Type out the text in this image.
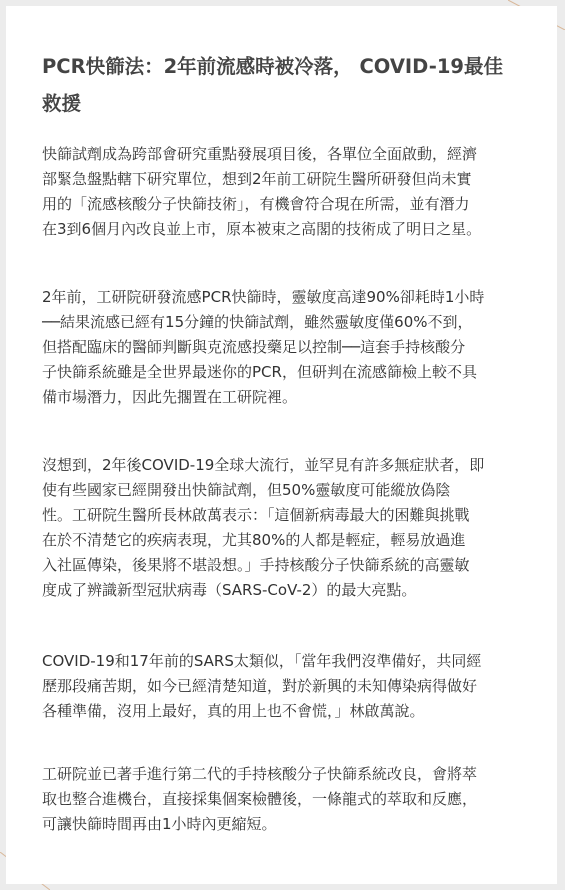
PCR快篩法：2年前流感時被冷落， COVID-19最佳
救援

快篩試劑成為跨部會研究重點發展項目後，各單位全面啟動，經濟
部緊急盤點轄下研究單位，想到2年前工研院生醫所研發但尚未實
用的「流感核酸分子快篩技術」，有機會符合現在所需，並有潛力
在3到6個月內改良並上市，原本被束之高閣的技術成了明日之星。

2年前，工研院研發流感PCR快篩時，靈敏度高達90%卻耗時1小時
──結果流感已經有15分鐘的快篩試劑，雖然靈敏度僅60%不到，
但搭配臨床的醫師判斷與克流感投藥足以控制──這套手持核酸分
子快篩系統雖是全世界最迷你的PCR，但研判在流感篩檢上較不具
備市場潛力，因此先擱置在工研院裡。

沒想到，2年後COVID-19全球大流行，並罕見有許多無症狀者，即
使有些國家已經開發出快篩試劑，但50%靈敏度可能縱放偽陰
性。工研院生醫所長林啟萬表示：「這個新病毒最大的困難與挑戰
在於不清楚它的疾病表現，尤其80%的人都是輕症，輕易放過進
入社區傳染，後果將不堪設想。」手持核酸分子快篩系統的高靈敏
度成了辨識新型冠狀病毒（SARS-CoV-2）的最大亮點。

COVID-19和17年前的SARS太類似，「當年我們沒準備好，共同經
歷那段痛苦期，如今已經清楚知道，對於新興的未知傳染病得做好
各種準備，沒用上最好，真的用上也不會慌，」林啟萬說。

工研院並已著手進行第二代的手持核酸分子快篩系統改良，會將萃
取也整合進機台，直接採集個案檢體後，一條龍式的萃取和反應，
可讓快篩時間再由1小時內更縮短。
